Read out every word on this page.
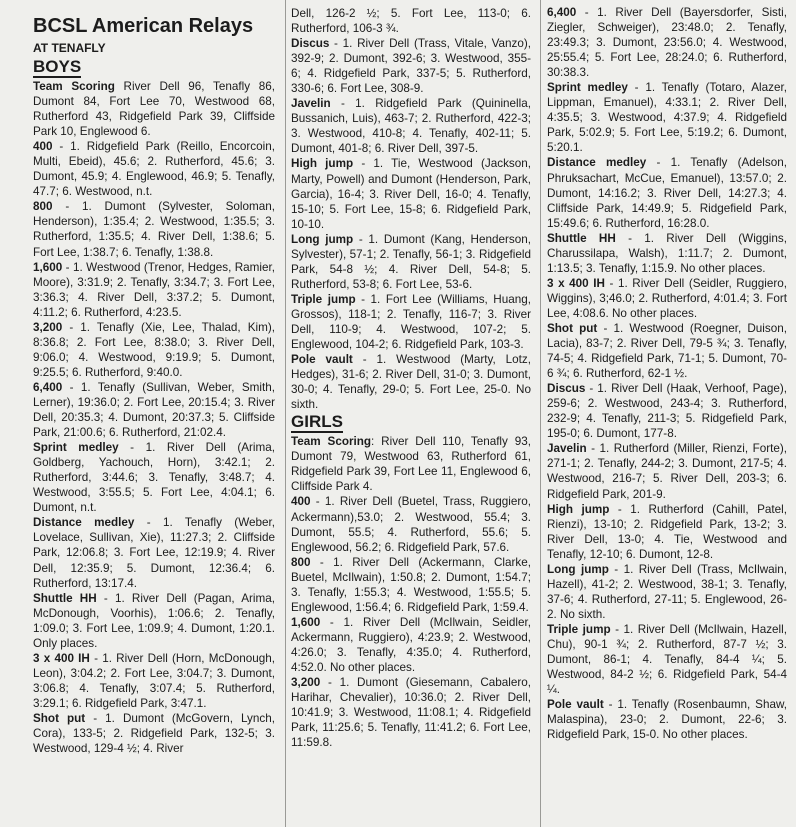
BCSL American Relays
AT TENAFLY
BOYS

Team Scoring River Dell 96, Tenafly 86, Dumont 84, Fort Lee 70, Westwood 68, Rutherford 43, Ridgefield Park 39, Cliffside Park 10, Englewood 6.

400 - 1. Ridgefield Park (Reillo, Encorcoin, Multi, Ebeid), 45.6; 2. Rutherford, 45.6; 3. Dumont, 45.9; 4. Englewood, 46.9; 5. Tenafly, 47.7; 6. Westwood, n.t.

800 - 1. Dumont (Sylvester, Soloman, Henderson), 1:35.4; 2. Westwood, 1:35.5; 3. Rutherford, 1:35.5; 4. River Dell, 1:38.6; 5. Fort Lee, 1:38.7; 6. Tenafly, 1:38.8.

1,600 - 1. Westwood (Trenor, Hedges, Ramier, Moore), 3:31.9; 2. Tenafly, 3:34.7; 3. Fort Lee, 3:36.3; 4. River Dell, 3:37.2; 5. Dumont, 4:11.2; 6. Rutherford, 4:23.5.

3,200 - 1. Tenafly (Xie, Lee, Thalad, Kim), 8:36.8; 2. Fort Lee, 8:38.0; 3. River Dell, 9:06.0; 4. Westwood, 9:19.9; 5. Dumont, 9:25.5; 6. Rutherford, 9:40.0.

6,400 - 1. Tenafly (Sullivan, Weber, Smith, Lerner), 19:36.0; 2. Fort Lee, 20:15.4; 3. River Dell, 20:35.3; 4. Dumont, 20:37.3; 5. Cliffside Park, 21:00.6; 6. Rutherford, 21:02.4.

Sprint medley - 1. River Dell (Arima, Goldberg, Yachouch, Horn), 3:42.1; 2. Rutherford, 3:44.6; 3. Tenafly, 3:48.7; 4. Westwood, 3:55.5; 5. Fort Lee, 4:04.1; 6. Dumont, n.t.

Distance medley - 1. Tenafly (Weber, Lovelace, Sullivan, Xie), 11:27.3; 2. Cliffside Park, 12:06.8; 3. Fort Lee, 12:19.9; 4. River Dell, 12:35.9; 5. Dumont, 12:36.4; 6. Rutherford, 13:17.4.

Shuttle HH - 1. River Dell (Pagan, Arima, McDonough, Voorhis), 1:06.6; 2. Tenafly, 1:09.0; 3. Fort Lee, 1:09.9; 4. Dumont, 1:20.1. Only places.

3 x 400 IH - 1. River Dell (Horn, McDonough, Leon), 3:04.2; 2. Fort Lee, 3:04.7; 3. Dumont, 3:06.8; 4. Tenafly, 3:07.4; 5. Rutherford, 3:29.1; 6. Ridgefield Park, 3:47.1.

Shot put - 1. Dumont (McGovern, Lynch, Cora), 133-5; 2. Ridgefield Park, 132-5; 3. Westwood, 129-4 ½; 4. River

Dell, 126-2 ½; 5. Fort Lee, 113-0; 6. Rutherford, 106-3 ¾.

Discus - 1. River Dell (Trass, Vitale, Vanzo), 392-9; 2. Dumont, 392-6; 3. Westwood, 355-6; 4. Ridgefield Park, 337-5; 5. Rutherford, 330-6; 6. Fort Lee, 308-9.

Javelin - 1. Ridgefield Park (Quininella, Bussanich, Luis), 463-7; 2. Rutherford, 422-3; 3. Westwood, 410-8; 4. Tenafly, 402-11; 5. Dumont, 401-8; 6. River Dell, 397-5.

High jump - 1. Tie, Westwood (Jackson, Marty, Powell) and Dumont (Henderson, Park, Garcia), 16-4; 3. River Dell, 16-0; 4. Tenafly, 15-10; 5. Fort Lee, 15-8; 6. Ridgefield Park, 10-10.

Long jump - 1. Dumont (Kang, Henderson, Sylvester), 57-1; 2. Tenafly, 56-1; 3. Ridgefield Park, 54-8 ½; 4. River Dell, 54-8; 5. Rutherford, 53-8; 6. Fort Lee, 53-6.

Triple jump - 1. Fort Lee (Williams, Huang, Grossos), 118-1; 2. Tenafly, 116-7; 3. River Dell, 110-9; 4. Westwood, 107-2; 5. Englewood, 104-2; 6. Ridgefield Park, 103-3.

Pole vault - 1. Westwood (Marty, Lotz, Hedges), 31-6; 2. River Dell, 31-0; 3. Dumont, 30-0; 4. Tenafly, 29-0; 5. Fort Lee, 25-0. No sixth.

GIRLS

Team Scoring: River Dell 110, Tenafly 93, Dumont 79, Westwood 63, Rutherford 61, Ridgefield Park 39, Fort Lee 11, Englewood 6, Cliffside Park 4.

400 - 1. River Dell (Buetel, Trass, Ruggiero, Ackermann),53.0; 2. Westwood, 55.4; 3. Dumont, 55.5; 4. Rutherford, 55.6; 5. Englewood, 56.2; 6. Ridgefield Park, 57.6.

800 - 1. River Dell (Ackermann, Clarke, Buetel, McIlwain), 1:50.8; 2. Dumont, 1:54.7; 3. Tenafly, 1:55.3; 4. Westwood, 1:55.5; 5. Englewood, 1:56.4; 6. Ridgefield Park, 1:59.4.

1,600 - 1. River Dell (McIlwain, Seidler, Ackermann, Ruggiero), 4:23.9; 2. Westwood, 4:26.0; 3. Tenafly, 4:35.0; 4. Rutherford, 4:52.0. No other places.

3,200 - 1. Dumont (Giesemann, Cabalero, Harihar, Chevalier), 10:36.0; 2. River Dell, 10:41.9; 3. Westwood, 11:08.1; 4. Ridgefield Park, 11:25.6; 5. Tenafly, 11:41.2; 6. Fort Lee, 11:59.8.

6,400 - 1. River Dell (Bayersdorfer, Sisti, Ziegler, Schweiger), 23:48.0; 2. Tenafly, 23:49.3; 3. Dumont, 23:56.0; 4. Westwood, 25:55.4; 5. Fort Lee, 28:24.0; 6. Rutherford, 30:38.3.

Sprint medley - 1. Tenafly (Totaro, Alazer, Lippman, Emanuel), 4:33.1; 2. River Dell, 4:35.5; 3. Westwood, 4:37.9; 4. Ridgefield Park, 5:02.9; 5. Fort Lee, 5:19.2; 6. Dumont, 5:20.1.

Distance medley - 1. Tenafly (Adelson, Phruksachart, McCue, Emanuel), 13:57.0; 2. Dumont, 14:16.2; 3. River Dell, 14:27.3; 4. Cliffside Park, 14:49.9; 5. Ridgefield Park, 15:49.6; 6. Rutherford, 16:28.0.

Shuttle HH - 1. River Dell (Wiggins, Charussilapa, Walsh), 1:11.7; 2. Dumont, 1:13.5; 3. Tenafly, 1:15.9. No other places.

3 x 400 IH - 1. River Dell (Seidler, Ruggiero, Wiggins), 3;46.0; 2. Rutherford, 4:01.4; 3. Fort Lee, 4:08.6. No other places.

Shot put - 1. Westwood (Roegner, Duison, Lacia), 83-7; 2. River Dell, 79-5 ¾; 3. Tenafly, 74-5; 4. Ridgefield Park, 71-1; 5. Dumont, 70-6 ¾; 6. Rutherford, 62-1 ½.

Discus - 1. River Dell (Haak, Verhoof, Page), 259-6; 2. Westwood, 243-4; 3. Rutherford, 232-9; 4. Tenafly, 211-3; 5. Ridgefield Park, 195-0; 6. Dumont, 177-8.

Javelin - 1. Rutherford (Miller, Rienzi, Forte), 271-1; 2. Tenafly, 244-2; 3. Dumont, 217-5; 4. Westwood, 216-7; 5. River Dell, 203-3; 6. Ridgefield Park, 201-9.

High jump - 1. Rutherford (Cahill, Patel, Rienzi), 13-10; 2. Ridgefield Park, 13-2; 3. River Dell, 13-0; 4. Tie, Westwood and Tenafly, 12-10; 6. Dumont, 12-8.

Long jump - 1. River Dell (Trass, McIlwain, Hazell), 41-2; 2. Westwood, 38-1; 3. Tenafly, 37-6; 4. Rutherford, 27-11; 5. Englewood, 26-2. No sixth.

Triple jump - 1. River Dell (McIlwain, Hazell, Chu), 90-1 ¾; 2. Rutherford, 87-7 ½; 3. Dumont, 86-1; 4. Tenafly, 84-4 ¼; 5. Westwood, 84-2 ½; 6. Ridgefield Park, 54-4 ¼.

Pole vault - 1. Tenafly (Rosenbaumn, Shaw, Malaspina), 23-0; 2. Dumont, 22-6; 3. Ridgefield Park, 15-0. No other places.
